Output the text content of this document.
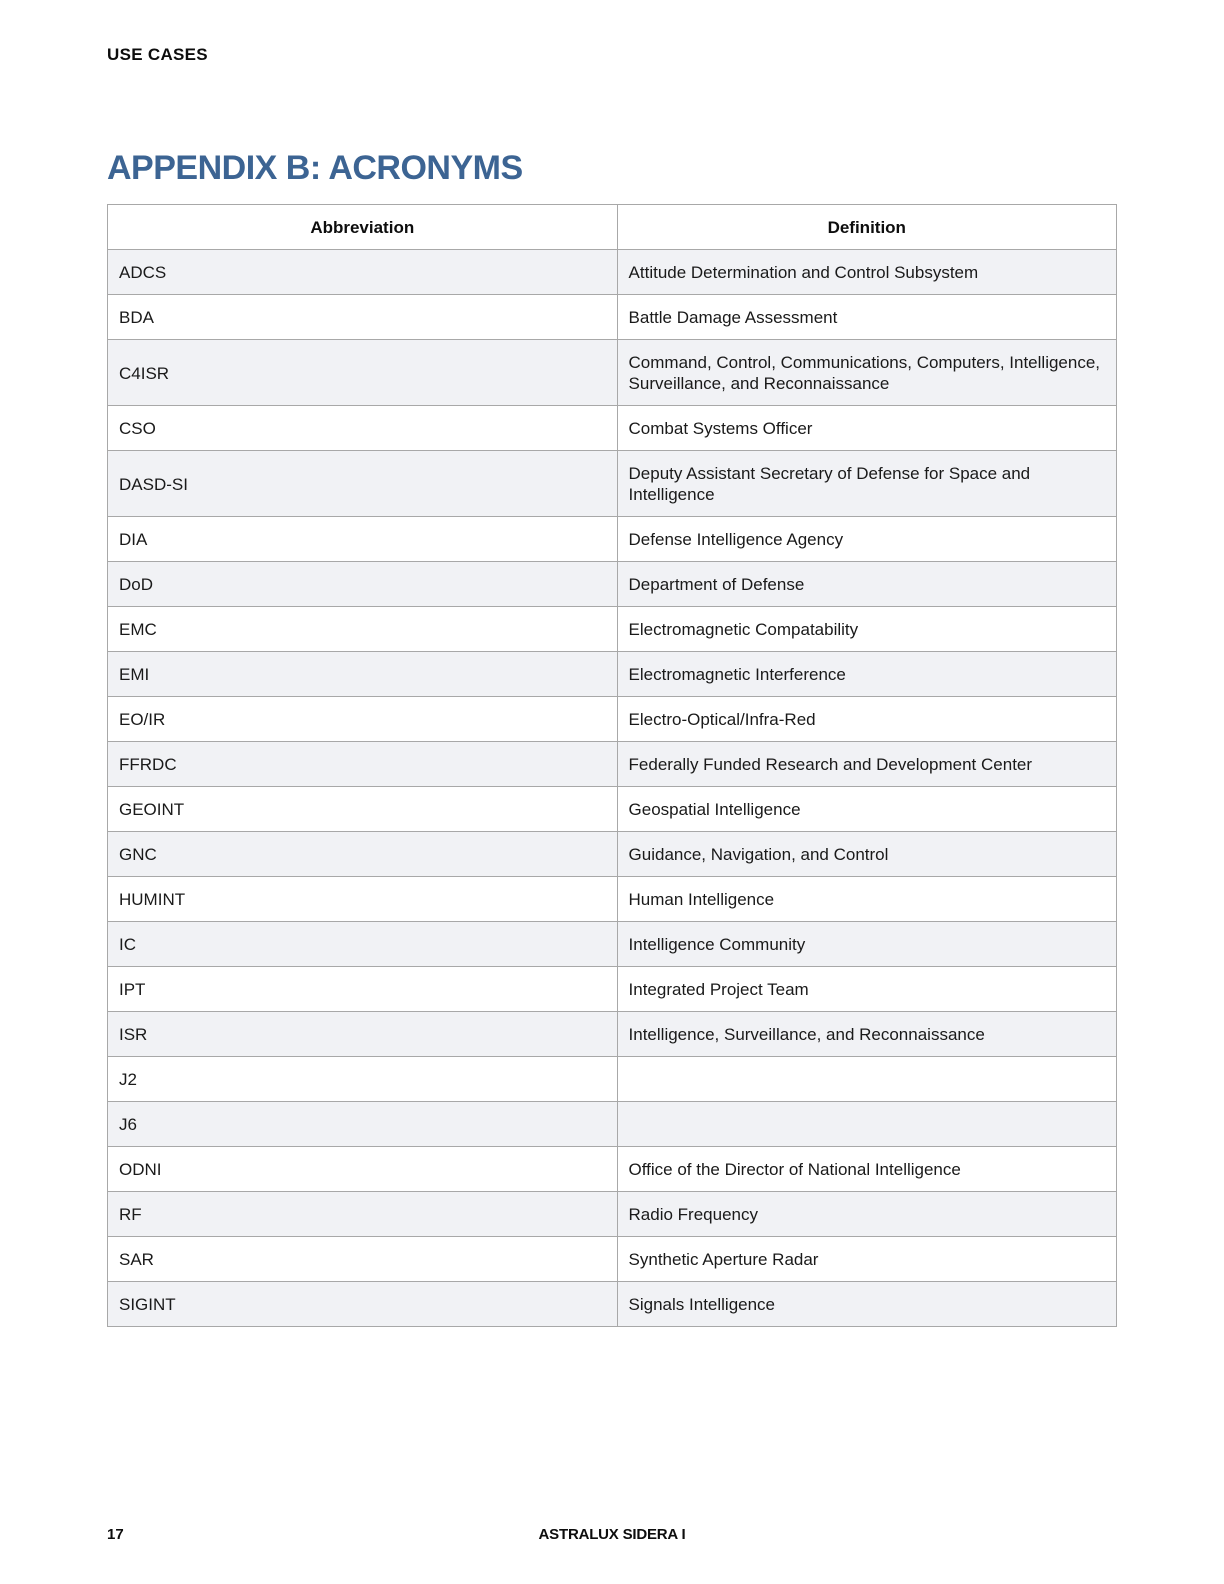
USE CASES
APPENDIX B: ACRONYMS
Abbreviation	Definition
ADCS	Attitude Determination and Control Subsystem
BDA	Battle Damage Assessment
C4ISR	Command, Control, Communications, Computers, Intelligence, Surveillance, and Reconnaissance
CSO	Combat Systems Officer
DASD-SI	Deputy Assistant Secretary of Defense for Space and Intelligence
DIA	Defense Intelligence Agency
DoD	Department of Defense
EMC	Electromagnetic Compatability
EMI	Electromagnetic Interference
EO/IR	Electro-Optical/Infra-Red
FFRDC	Federally Funded Research and Development Center
GEOINT	Geospatial Intelligence
GNC	Guidance, Navigation, and Control
HUMINT	Human Intelligence
IC	Intelligence Community
IPT	Integrated Project Team
ISR	Intelligence, Surveillance, and Reconnaissance
J2	
J6	
ODNI	Office of the Director of National Intelligence
RF	Radio Frequency
SAR	Synthetic Aperture Radar
SIGINT	Signals Intelligence
17	ASTRALUX SIDERA I
